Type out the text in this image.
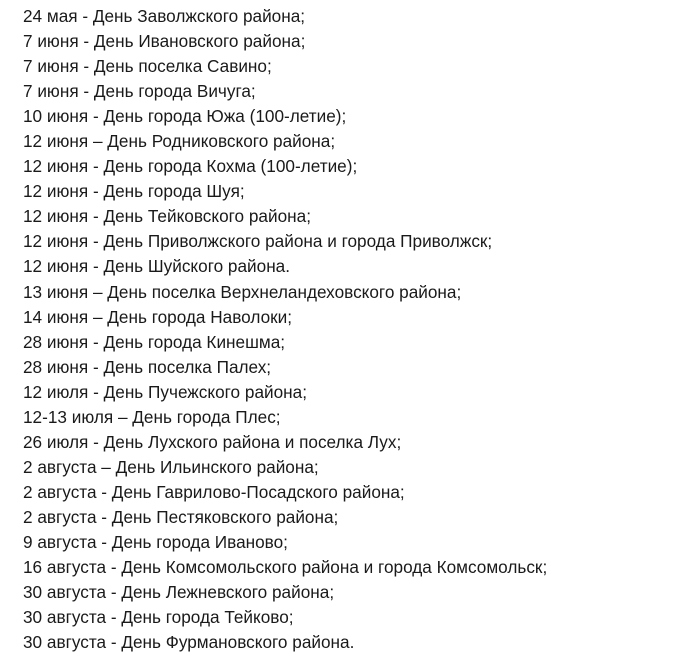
24 мая - День Заволжского района;
7 июня - День Ивановского района;
7 июня - День поселка Савино;
7 июня - День города Вичуга;
10 июня - День города Южа (100-летие);
12 июня – День Родниковского района;
12 июня - День города Кохма (100-летие);
12 июня - День города Шуя;
12 июня - День Тейковского района;
12 июня - День Приволжского района и города Приволжск;
12 июня - День Шуйского района.
13 июня – День поселка Верхнеландеховского района;
14 июня – День города Наволоки;
28 июня - День города Кинешма;
28 июня - День поселка Палех;
12 июля - День Пучежского района;
12-13 июля – День города Плес;
26 июля - День Лухского района и поселка Лух;
2 августа – День Ильинского района;
2 августа - День Гаврилово-Посадского района;
2 августа - День Пестяковского района;
9 августа - День города Иваново;
16 августа - День Комсомольского района и города Комсомольск;
30 августа - День Лежневского района;
30 августа - День города Тейково;
30 августа - День Фурмановского района.
